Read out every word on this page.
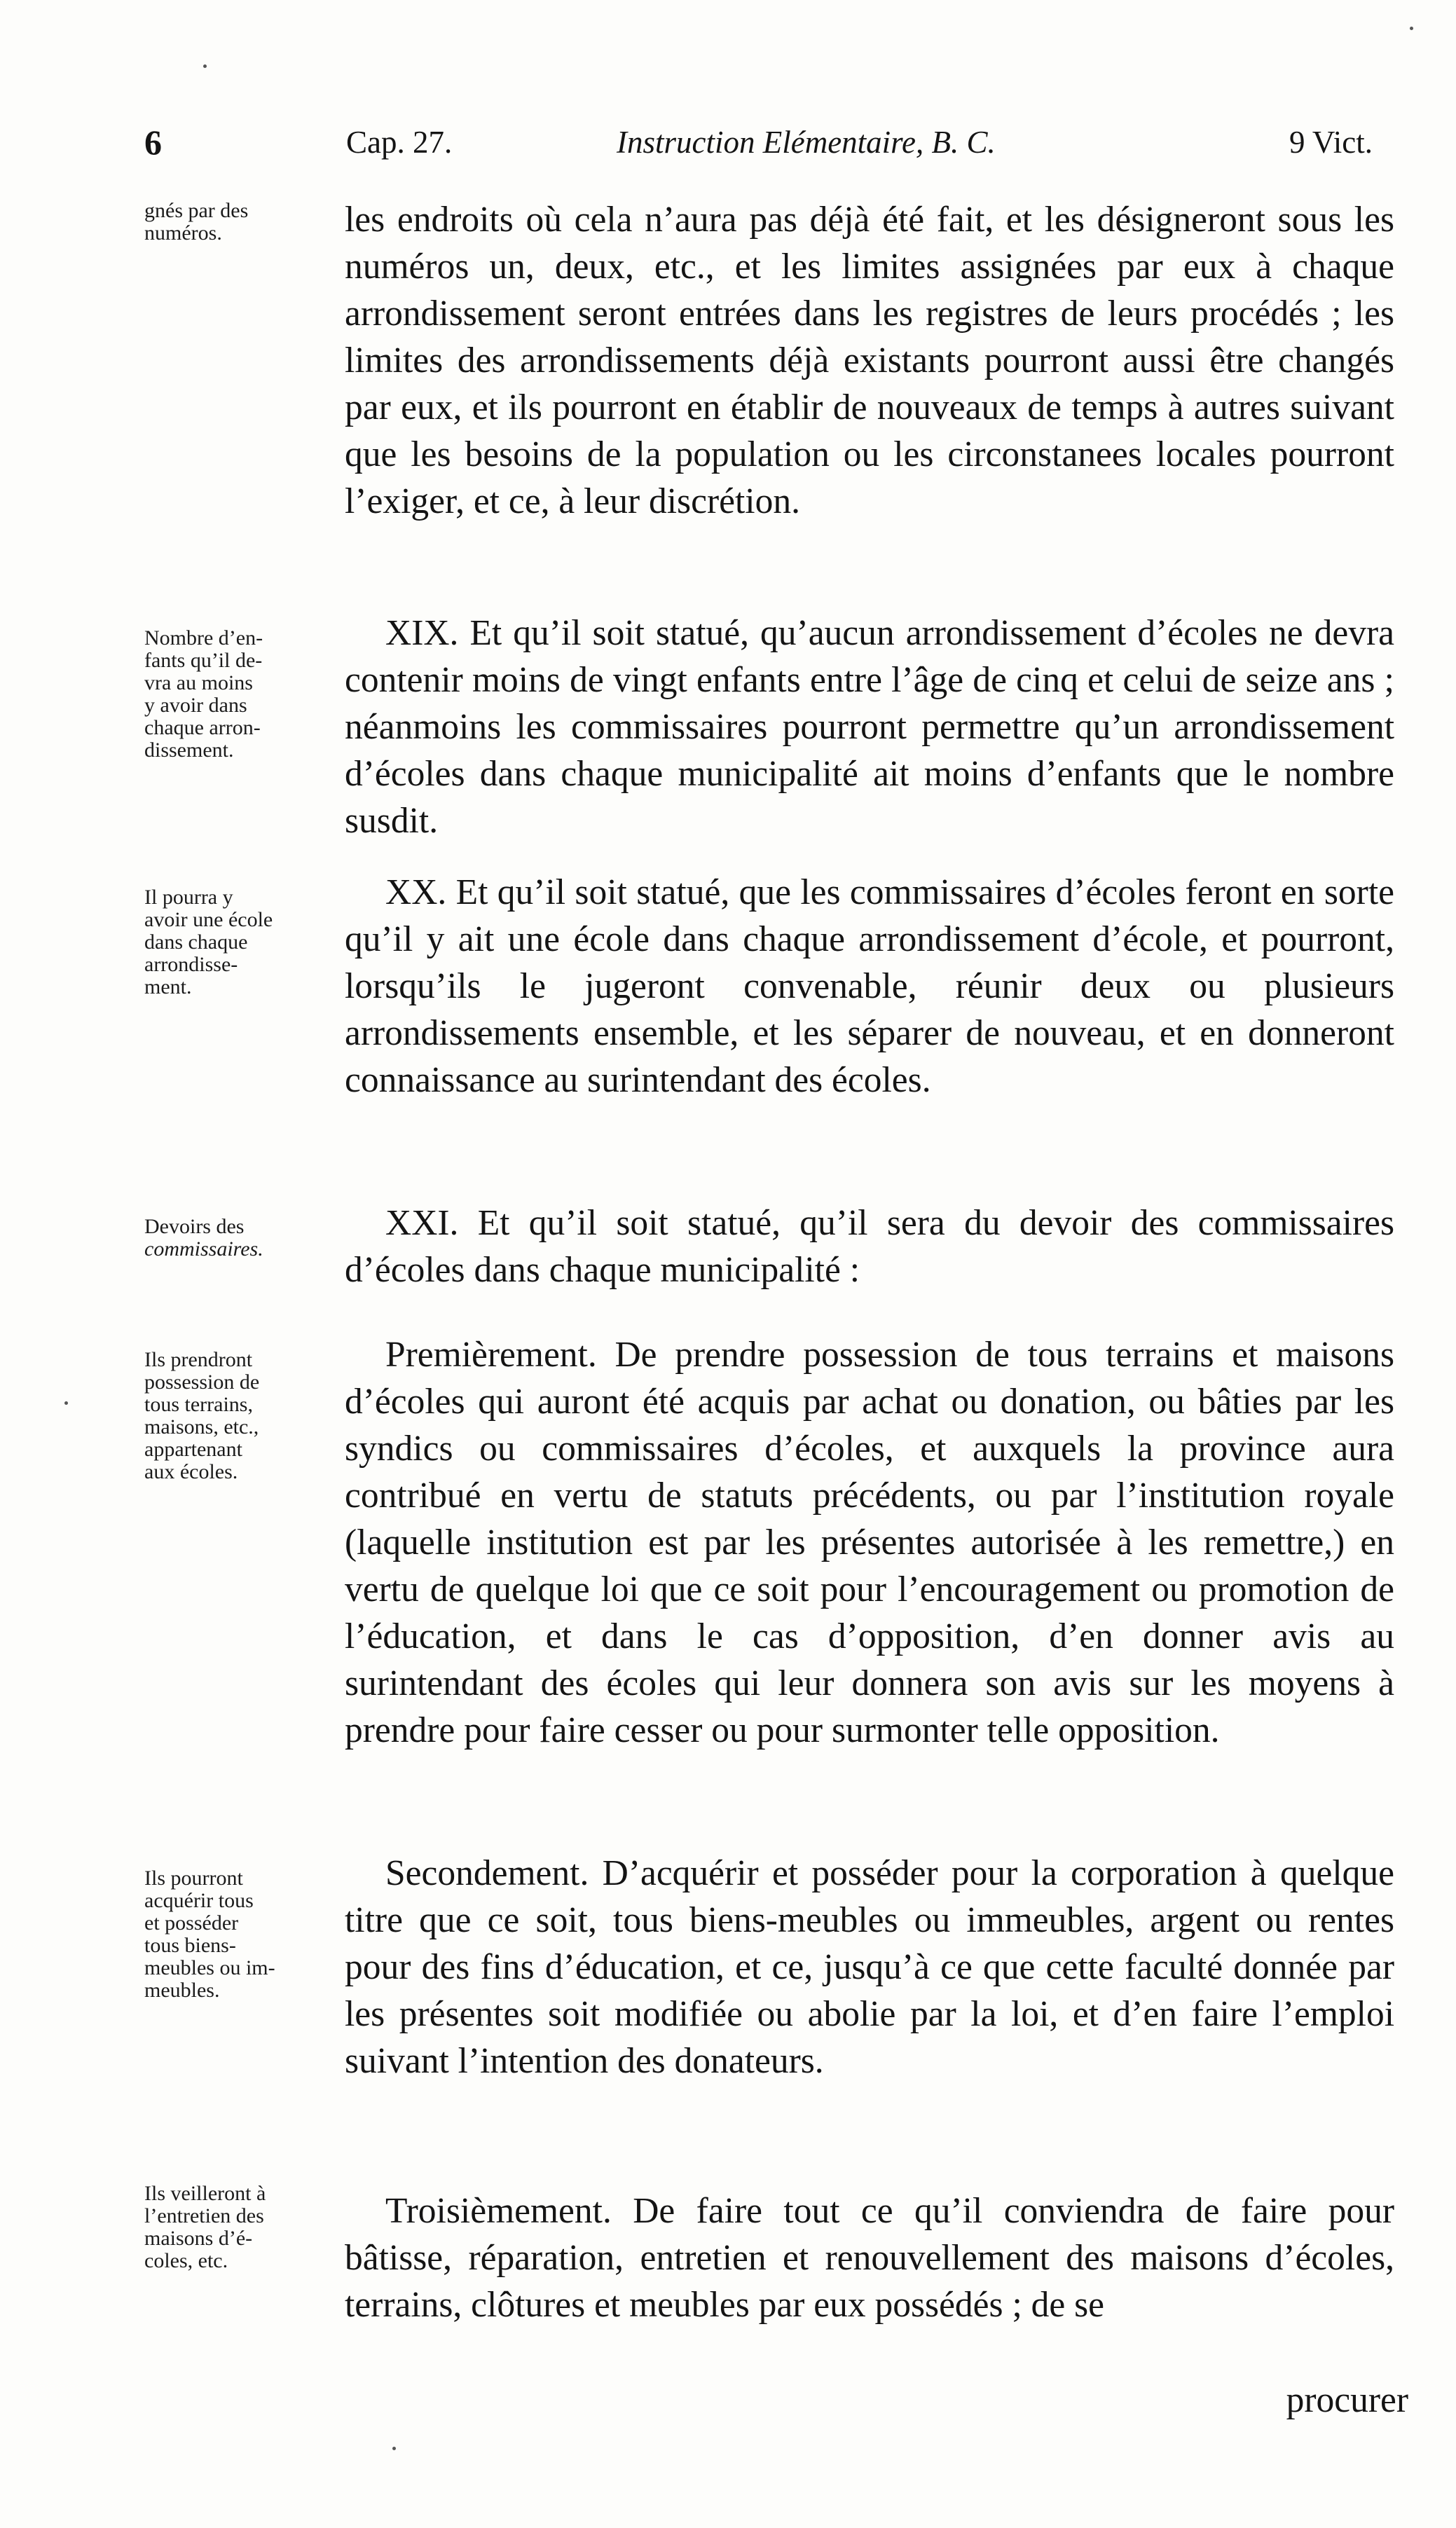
6	Cap. 27.	Instruction Elémentaire, B. C.	9 Vict.

gnés par des

numéros.	les endroits où cela n’aura pas déjà été fait, et les désigneront sous les numéros un, deux, etc., et les limites assignées par eux à chaque arrondissement seront entrées dans les registres de leurs procédés ; les limites des arrondissements déjà existants pourront aussi être changés par eux, et ils pourront en établir de nouveaux de temps à autres suivant que les besoins de la population ou les circonstanees locales pourront l’exiger, et ce, à leur discrétion.

Nombre d’en-

fants qu’il de-

vra au moins

y avoir dans

chaque arron-

dissement.

XIX. Et qu’il soit statué, qu’aucun arrondissement d’écoles ne devra contenir moins de vingt enfants entre l’âge de cinq et celui de seize ans ; néanmoins les commissaires pourront permettre qu’un arrondissement d’écoles dans chaque municipalité ait moins d’enfants que le nombre susdit.

Il pourra y

avoir une école

dans chaque

arrondisse-

ment.

XX. Et qu’il soit statué, que les commissaires d’écoles feront en sorte qu’il y ait une école dans chaque arrondissement d’école, et pourront, lorsqu’ils le jugeront convenable, réunir deux ou plusieurs arrondissements ensemble, et les séparer de nouveau, et en donneront connaissance au surintendant des écoles.

Devoirs des

commissaires.

XXI. Et qu’il soit statué, qu’il sera du devoir des commissaires d’écoles dans chaque municipalité :

Ils prendront

possession de

tous terrains,

maisons, etc.,

appartenant

aux écoles.

Premièrement. De prendre possession de tous terrains et maisons d’écoles qui auront été acquis par achat ou donation, ou bâties par les syndics ou commissaires d’écoles, et auxquels la province aura contribué en vertu de statuts précédents, ou par l’institution royale (laquelle institution est par les présentes autorisée à les remettre,) en vertu de quelque loi que ce soit pour l’encouragement ou promotion de l’éducation, et dans le cas d’opposition, d’en donner avis au surintendant des écoles qui leur donnera son avis sur les moyens à prendre pour faire cesser ou pour surmonter telle opposition.

Ils pourront

acquérir tous

et posséder

tous biens-

meubles ou im-

meubles.

Secondement. D’acquérir et posséder pour la corporation à quelque titre que ce soit, tous biens-meubles ou immeubles, argent ou rentes pour des fins d’éducation, et ce, jusqu’à ce que cette faculté donnée par les présentes soit modifiée ou abolie par la loi, et d’en faire l’emploi suivant l’intention des donateurs.

Ils veilleront à

l’entretien des

maisons d’é-

coles, etc.

Troisièmement. De faire tout ce qu’il conviendra de faire pour bâtisse, réparation, entretien et renouvellement des maisons d’écoles, terrains, clôtures et meubles par eux possédés ; de se

procurer
